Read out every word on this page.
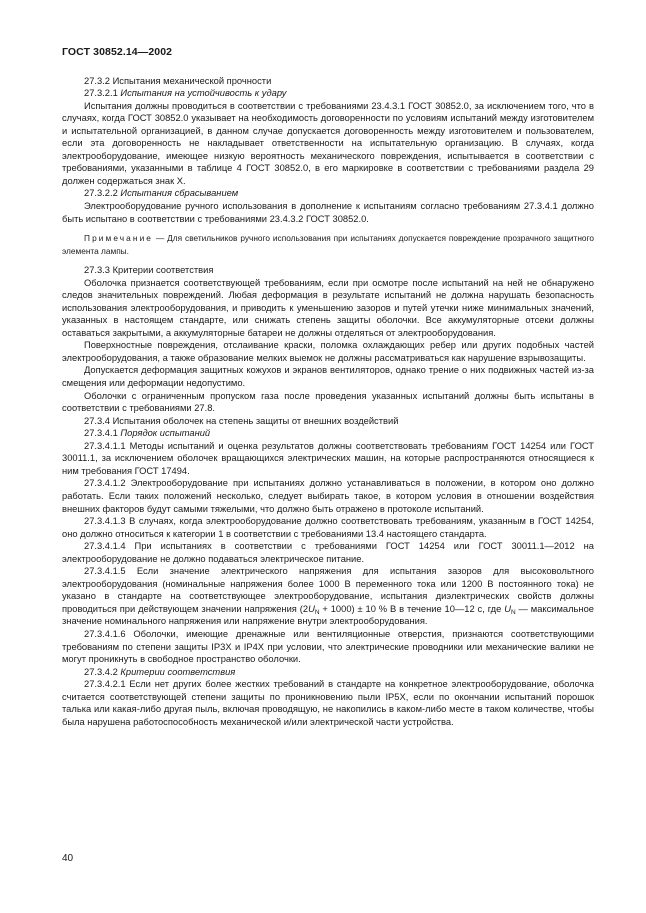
ГОСТ 30852.14—2002

27.3.2 Испытания механической прочности

27.3.2.1 Испытания на устойчивость к удару

Испытания должны проводиться в соответствии с требованиями 23.4.3.1 ГОСТ 30852.0, за исключением того, что в случаях, когда ГОСТ 30852.0 указывает на необходимость договоренности по условиям испытаний между изготовителем и испытательной организацией, в данном случае допускается договоренность между изготовителем и пользователем, если эта договоренность не накладывает ответственности на испытательную организацию. В случаях, когда электрооборудование, имеющее низкую вероятность механического повреждения, испытывается в соответствии с требованиями, указанными в таблице 4 ГОСТ 30852.0, в его маркировке в соответствии с требованиями раздела 29 должен содержаться знак X.

27.3.2.2 Испытания сбрасыванием

Электрооборудование ручного использования в дополнение к испытаниям согласно требованиям 27.3.4.1 должно быть испытано в соответствии с требованиями 23.4.3.2 ГОСТ 30852.0.

Примечание — Для светильников ручного использования при испытаниях допускается повреждение прозрачного защитного элемента лампы.

27.3.3 Критерии соответствия

Оболочка признается соответствующей требованиям, если при осмотре после испытаний на ней не обнаружено следов значительных повреждений. Любая деформация в результате испытаний не должна нарушать безопасность использования электрооборудования, и приводить к уменьшению зазоров и путей утечки ниже минимальных значений, указанных в настоящем стандарте, или снижать степень защиты оболочки. Все аккумуляторные отсеки должны оставаться закрытыми, а аккумуляторные батареи не должны отделяться от электрооборудования.

Поверхностные повреждения, отслаивание краски, поломка охлаждающих ребер или других подобных частей электрооборудования, а также образование мелких выемок не должны рассматриваться как нарушение взрывозащиты.

Допускается деформация защитных кожухов и экранов вентиляторов, однако трение о них подвижных частей из-за смещения или деформации недопустимо.

Оболочки с ограниченным пропуском газа после проведения указанных испытаний должны быть испытаны в соответствии с требованиями 27.8.

27.3.4 Испытания оболочек на степень защиты от внешних воздействий

27.3.4.1 Порядок испытаний

27.3.4.1.1 Методы испытаний и оценка результатов должны соответствовать требованиям ГОСТ 14254 или ГОСТ 30011.1, за исключением оболочек вращающихся электрических машин, на которые распространяются относящиеся к ним требования ГОСТ 17494.

27.3.4.1.2 Электрооборудование при испытаниях должно устанавливаться в положении, в котором оно должно работать. Если таких положений несколько, следует выбирать такое, в котором условия в отношении воздействия внешних факторов будут самыми тяжелыми, что должно быть отражено в протоколе испытаний.

27.3.4.1.3 В случаях, когда электрооборудование должно соответствовать требованиям, указанным в ГОСТ 14254, оно должно относиться к категории 1 в соответствии с требованиями 13.4 настоящего стандарта.

27.3.4.1.4 При испытаниях в соответствии с требованиями ГОСТ 14254 или ГОСТ 30011.1—2012 на электрооборудование не должно подаваться электрическое питание.

27.3.4.1.5 Если значение электрического напряжения для испытания зазоров для высоковольтного электрооборудования (номинальные напряжения более 1000 В переменного тока или 1200 В постоянного тока) не указано в стандарте на соответствующее электрооборудование, испытания диэлектрических свойств должны проводиться при действующем значении напряжения $(2U_N + 1000) \pm 10$ % В в течение 10—12 с, где $U_N$ — максимальное значение номинального напряжения или напряжение внутри электрооборудования.

27.3.4.1.6 Оболочки, имеющие дренажные или вентиляционные отверстия, признаются соответствующими требованиям по степени защиты IP3X и IP4X при условии, что электрические проводники или механические валики не могут проникнуть в свободное пространство оболочки.

27.3.4.2 Критерии соответствия

27.3.4.2.1 Если нет других более жестких требований в стандарте на конкретное электрооборудование, оболочка считается соответствующей степени защиты по проникновению пыли IP5X, если по окончании испытаний порошок талька или какая-либо другая пыль, включая проводящую, не накопились в каком-либо месте в таком количестве, чтобы была нарушена работоспособность механической и/или электрической части устройства.

40
